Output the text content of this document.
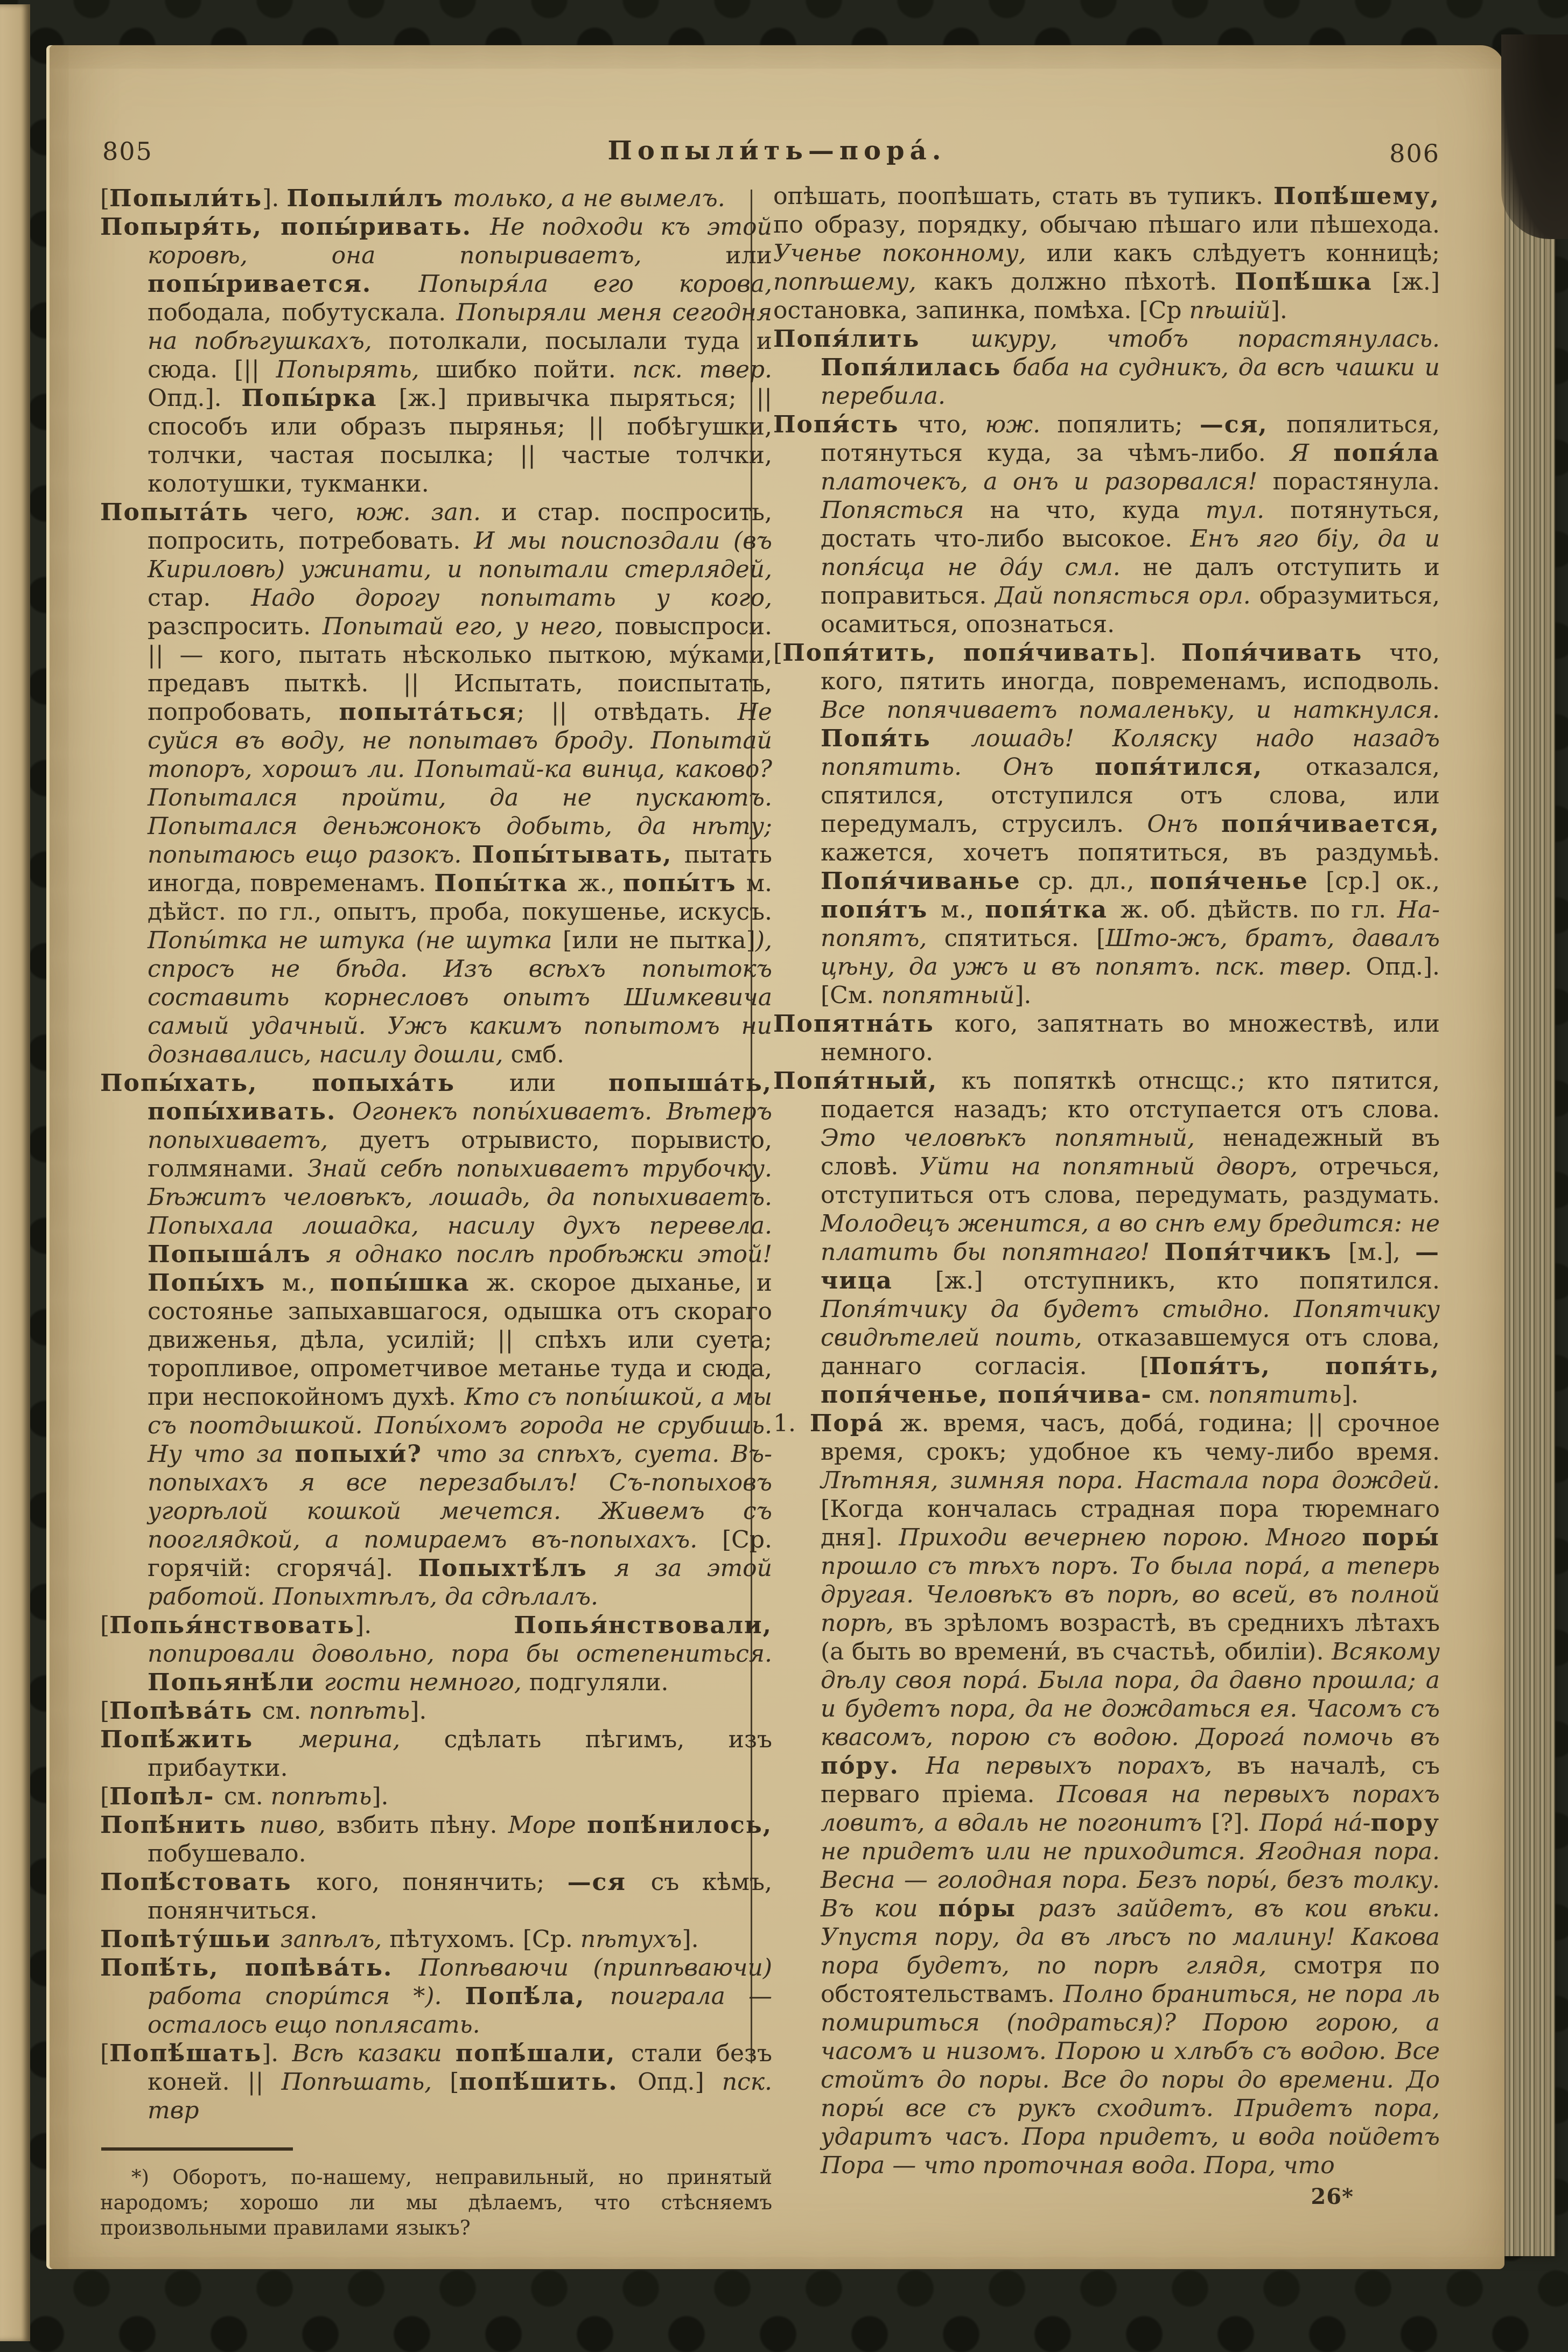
805	Попыли́ть—пора́.	806

[Попыли́ть]. Попыли́лъ только, а не вымелъ.

Попыря́ть, попы́ривать. Не подходи къ этой коровѣ, она попыриваетъ, или попы́ривается. Попыря́ла его корова, пободала, побутускала. Попыряли меня сегодня на побѣгушкахъ, потолкали, посылали туда и сюда. [|| Попырять, шибко пойти. пск. твер. Опд.]. Попы́рка [ж.] привычка пыряться; || способъ или образъ пырянья; || побѣгушки, толчки, частая посылка; || частые толчки, колотушки, тукманки.

Попыта́ть чего, юж. зап. и стар. поспросить, попросить, потребовать. И мы поиспоздали (въ Кириловѣ) ужинати, и попытали стерлядей, стар. Надо дорогу попытать у кого, разспросить. Попытай его, у него, повыспроси. || — кого, пытать нѣсколько пыткою, му́ками, предавъ пыткѣ. || Испытать, поиспытать, попробовать, попыта́ться; || отвѣдать. Не суйся въ воду, не попытавъ броду. Попытай топоръ, хорошъ ли. Попытай-ка винца, каково? Попытался пройти, да не пускаютъ. Попытался деньжонокъ добыть, да нѣту; попытаюсь ещо разокъ. Попы́тывать, пытать иногда, повременамъ. Попы́тка ж., попы́тъ м. дѣйст. по гл., опытъ, проба, покушенье, искусъ. Попы́тка не штука (не шутка [или не пытка]), спросъ не бѣда. Изъ всѣхъ попытокъ составить корнесловъ опытъ Шимкевича самый удачный. Ужъ какимъ попытомъ ни дознавались, насилу дошли, смб.

Попы́хать, попыха́ть или попыша́ть, попы́хивать. Огонекъ попы́хиваетъ. Вѣтеръ попыхиваетъ, дуетъ отрывисто, порывисто, голмянами. Знай себѣ попыхиваетъ трубочку. Бѣжитъ человѣкъ, лошадь, да попыхиваетъ. Попыхала лошадка, насилу духъ перевела. Попыша́лъ я однако послѣ пробѣжки этой! Попы́хъ м., попы́шка ж. скорое дыханье, и состоянье запыхавшагося, одышка отъ скораго движенья, дѣла, усилій; || спѣхъ или суета; торопливое, опрометчивое метанье туда и сюда, при неспокойномъ духѣ. Кто съ попы́шкой, а мы съ поотдышкой. Попы́хомъ города не срубишь. Ну что за попыхи́? что за спѣхъ, суета. Въ-попыхахъ я все перезабылъ! Съ-попыховъ угорѣлой кошкой мечется. Живемъ съ пооглядкой, а помираемъ въ-попыхахъ. [Ср. горячій: сгоряча́]. Попыхтѣ́лъ я за этой работой. Попыхтѣлъ, да сдѣлалъ.

[Попья́нствовать]. Попья́нствовали, попировали довольно, пора бы остепениться. Попьянѣ́ли гости немного, подгуляли.

[Попѣва́ть см. попѣть].

Попѣ́жить мерина, сдѣлать пѣгимъ, изъ прибаутки.

[Попѣл- см. попѣть].

Попѣ́нить пиво, взбить пѣну. Море попѣ́нилось, побушевало.

Попѣ́стовать кого, понянчить; —ся съ кѣмъ, понянчиться.

Попѣту́шьи запѣлъ, пѣтухомъ. [Ср. пѣтухъ].

Попѣ́ть, попѣва́ть. Попѣваючи (припѣваючи) работа спори́тся *). Попѣ́ла, поиграла — осталось ещо поплясать.

[Попѣ́шать]. Всѣ казаки попѣ́шали, стали безъ коней. || Попѣшать, [попѣ́шить. Опд.] пск. твр

*) Оборотъ, по-нашему, неправильный, но принятый народомъ; хорошо ли мы дѣлаемъ, что стѣсняемъ произвольными правилами языкъ?

опѣшать, поопѣшать, стать въ тупикъ. Попѣ́шему, по образу, порядку, обычаю пѣшаго или пѣшехода. Ученье поконному, или какъ слѣдуетъ конницѣ; попѣшему, какъ должно пѣхотѣ. Попѣ́шка [ж.] остановка, запинка, помѣха. [Ср пѣшій].

Попя́лить шкуру, чтобъ порастянулась. Попя́лилась баба на судникъ, да всѣ чашки и перебила.

Попя́сть что, юж. попялить; —ся, попялиться, потянуться куда, за чѣмъ-либо. Я попя́ла платочекъ, а онъ и разорвался! порастянула. Попясться на что, куда тул. потянуться, достать что-либо высокое. Енъ яго біу, да и попя́сца не да́у смл. не далъ отступить и поправиться. Дай попясться орл. образумиться, осамиться, опознаться.

[Попя́тить, попя́чивать]. Попя́чивать что, кого, пятить иногда, повременамъ, исподволь. Все попячиваетъ помаленьку, и наткнулся. Попя́ть лошадь! Коляску надо назадъ попятить. Онъ попя́тился, отказался, спятился, отступился отъ слова, или передумалъ, струсилъ. Онъ попя́чивается, кажется, хочетъ попятиться, въ раздумьѣ. Попя́чиванье ср. дл., попя́ченье [ср.] ок., попя́тъ м., попя́тка ж. об. дѣйств. по гл. На-попятъ, спятиться. [Што-жъ, братъ, давалъ цѣну, да ужъ и въ попятъ. пск. твер. Опд.]. [См. попятный].

Попятна́ть кого, запятнать во множествѣ, или немного.

Попя́тный, къ попяткѣ отнсщс.; кто пятится, подается назадъ; кто отступается отъ слова. Это человѣкъ попятный, ненадежный въ словѣ. Уйти на попятный дворъ, отречься, отступиться отъ слова, передумать, раздумать. Молодецъ женится, а во снѣ ему бредится: не платить бы попятнаго! Попя́тчикъ [м.], —чица [ж.] отступникъ, кто попятился. Попя́тчику да будетъ стыдно. Попятчику свидѣтелей поить, отказавшемуся отъ слова, даннаго согласія. [Попя́тъ, попя́ть, попя́ченье, попя́чива- см. попятить].

1. Пора́ ж. время, часъ, доба́, година; || срочное время, срокъ; удобное къ чему-либо время. Лѣтняя, зимняя пора. Настала пора дождей. [Когда кончалась страдная пора тюремнаго дня]. Приходи вечернею порою. Много поры́ прошло съ тѣхъ поръ. То была пора́, а теперь другая. Человѣкъ въ порѣ, во всей, въ полной порѣ, въ зрѣломъ возрастѣ, въ среднихъ лѣтахъ (а быть во времени́, въ счастьѣ, обиліи). Всякому дѣлу своя пора́. Была пора, да давно прошла; а и будетъ пора, да не дождаться ея. Часомъ съ квасомъ, порою съ водою. Дорога́ помочь въ по́ру. На первыхъ порахъ, въ началѣ, съ перваго пріема. Псовая на первыхъ порахъ ловитъ, а вдаль не погонитъ [?]. Пора́ на́-пору не придетъ или не приходится. Ягодная пора. Весна — голодная пора. Безъ поры́, безъ толку. Въ кои по́ры разъ зайдетъ, въ кои вѣки. Упустя пору, да въ лѣсъ по малину! Какова пора будетъ, по порѣ глядя, смотря по обстоятельствамъ. Полно браниться, не пора ль помириться (подраться)? Порою горою, а часомъ и низомъ. Порою и хлѣбъ съ водою. Все стойтъ до поры. Все до поры до времени. До поры́ все съ рукъ сходитъ. Придетъ пора, ударитъ часъ. Пора придетъ, и вода пойдетъ Пора — что проточная вода. Пора, что

26*
